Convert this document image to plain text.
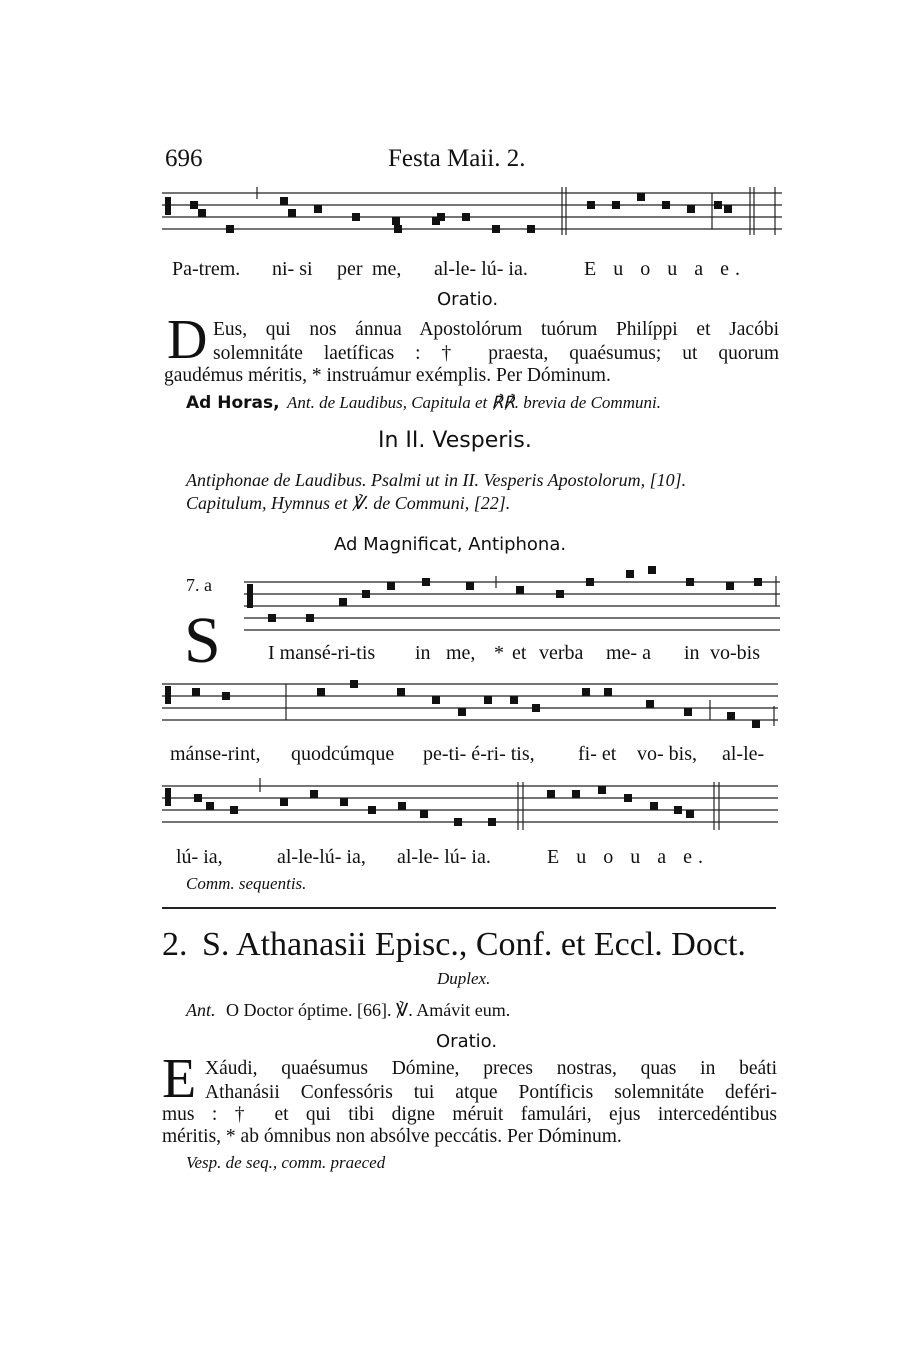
696	Festa Maii. 2.
Pa-trem. ni- si per me, al-le- lú- ia.	E u o u a e.
Oratio.
D Eus, qui nos ánnua Apostolórum tuórum Philíppi et Jacóbi
solemnitáte laetíficas : † praesta, quaésumus; ut quorum
gaudémus méritis, * instruámur exémplis. Per Dóminum.
Ad Horas, Ant. de Laudibus, Capitula et ℟℟. brevia de Communi.
In II. Vesperis.
Antiphonae de Laudibus. Psalmi ut in II. Vesperis Apostolorum, [10].
Capitulum, Hymnus et ℣. de Communi, [22].
Ad Magnificat, Antiphona.
7. a
S I mansé-ri-tis in me, * et verba me- a in vo-bis
mánse-rint, quodcúmque pe-ti- é-ri- tis, fi- et vo- bis, al-le-
lú- ia,	al-le-lú- ia, al-le- lú- ia.	E u o u a e.
Comm. sequentis.
2. S. Athanasii Episc., Conf. et Eccl. Doct.
Duplex.
Ant. O Doctor óptime. [66]. ℣. Amávit eum.
Oratio.
E Xáudi, quaésumus Dómine, preces nostras, quas in beáti
Athanásii Confessóris tui atque Pontíficis solemnitáte deféri-
mus : † et qui tibi digne méruit famulári, ejus intercedéntibus
méritis, * ab ómnibus non absólve peccátis. Per Dóminum.
Vesp. de seq., comm. praeced
